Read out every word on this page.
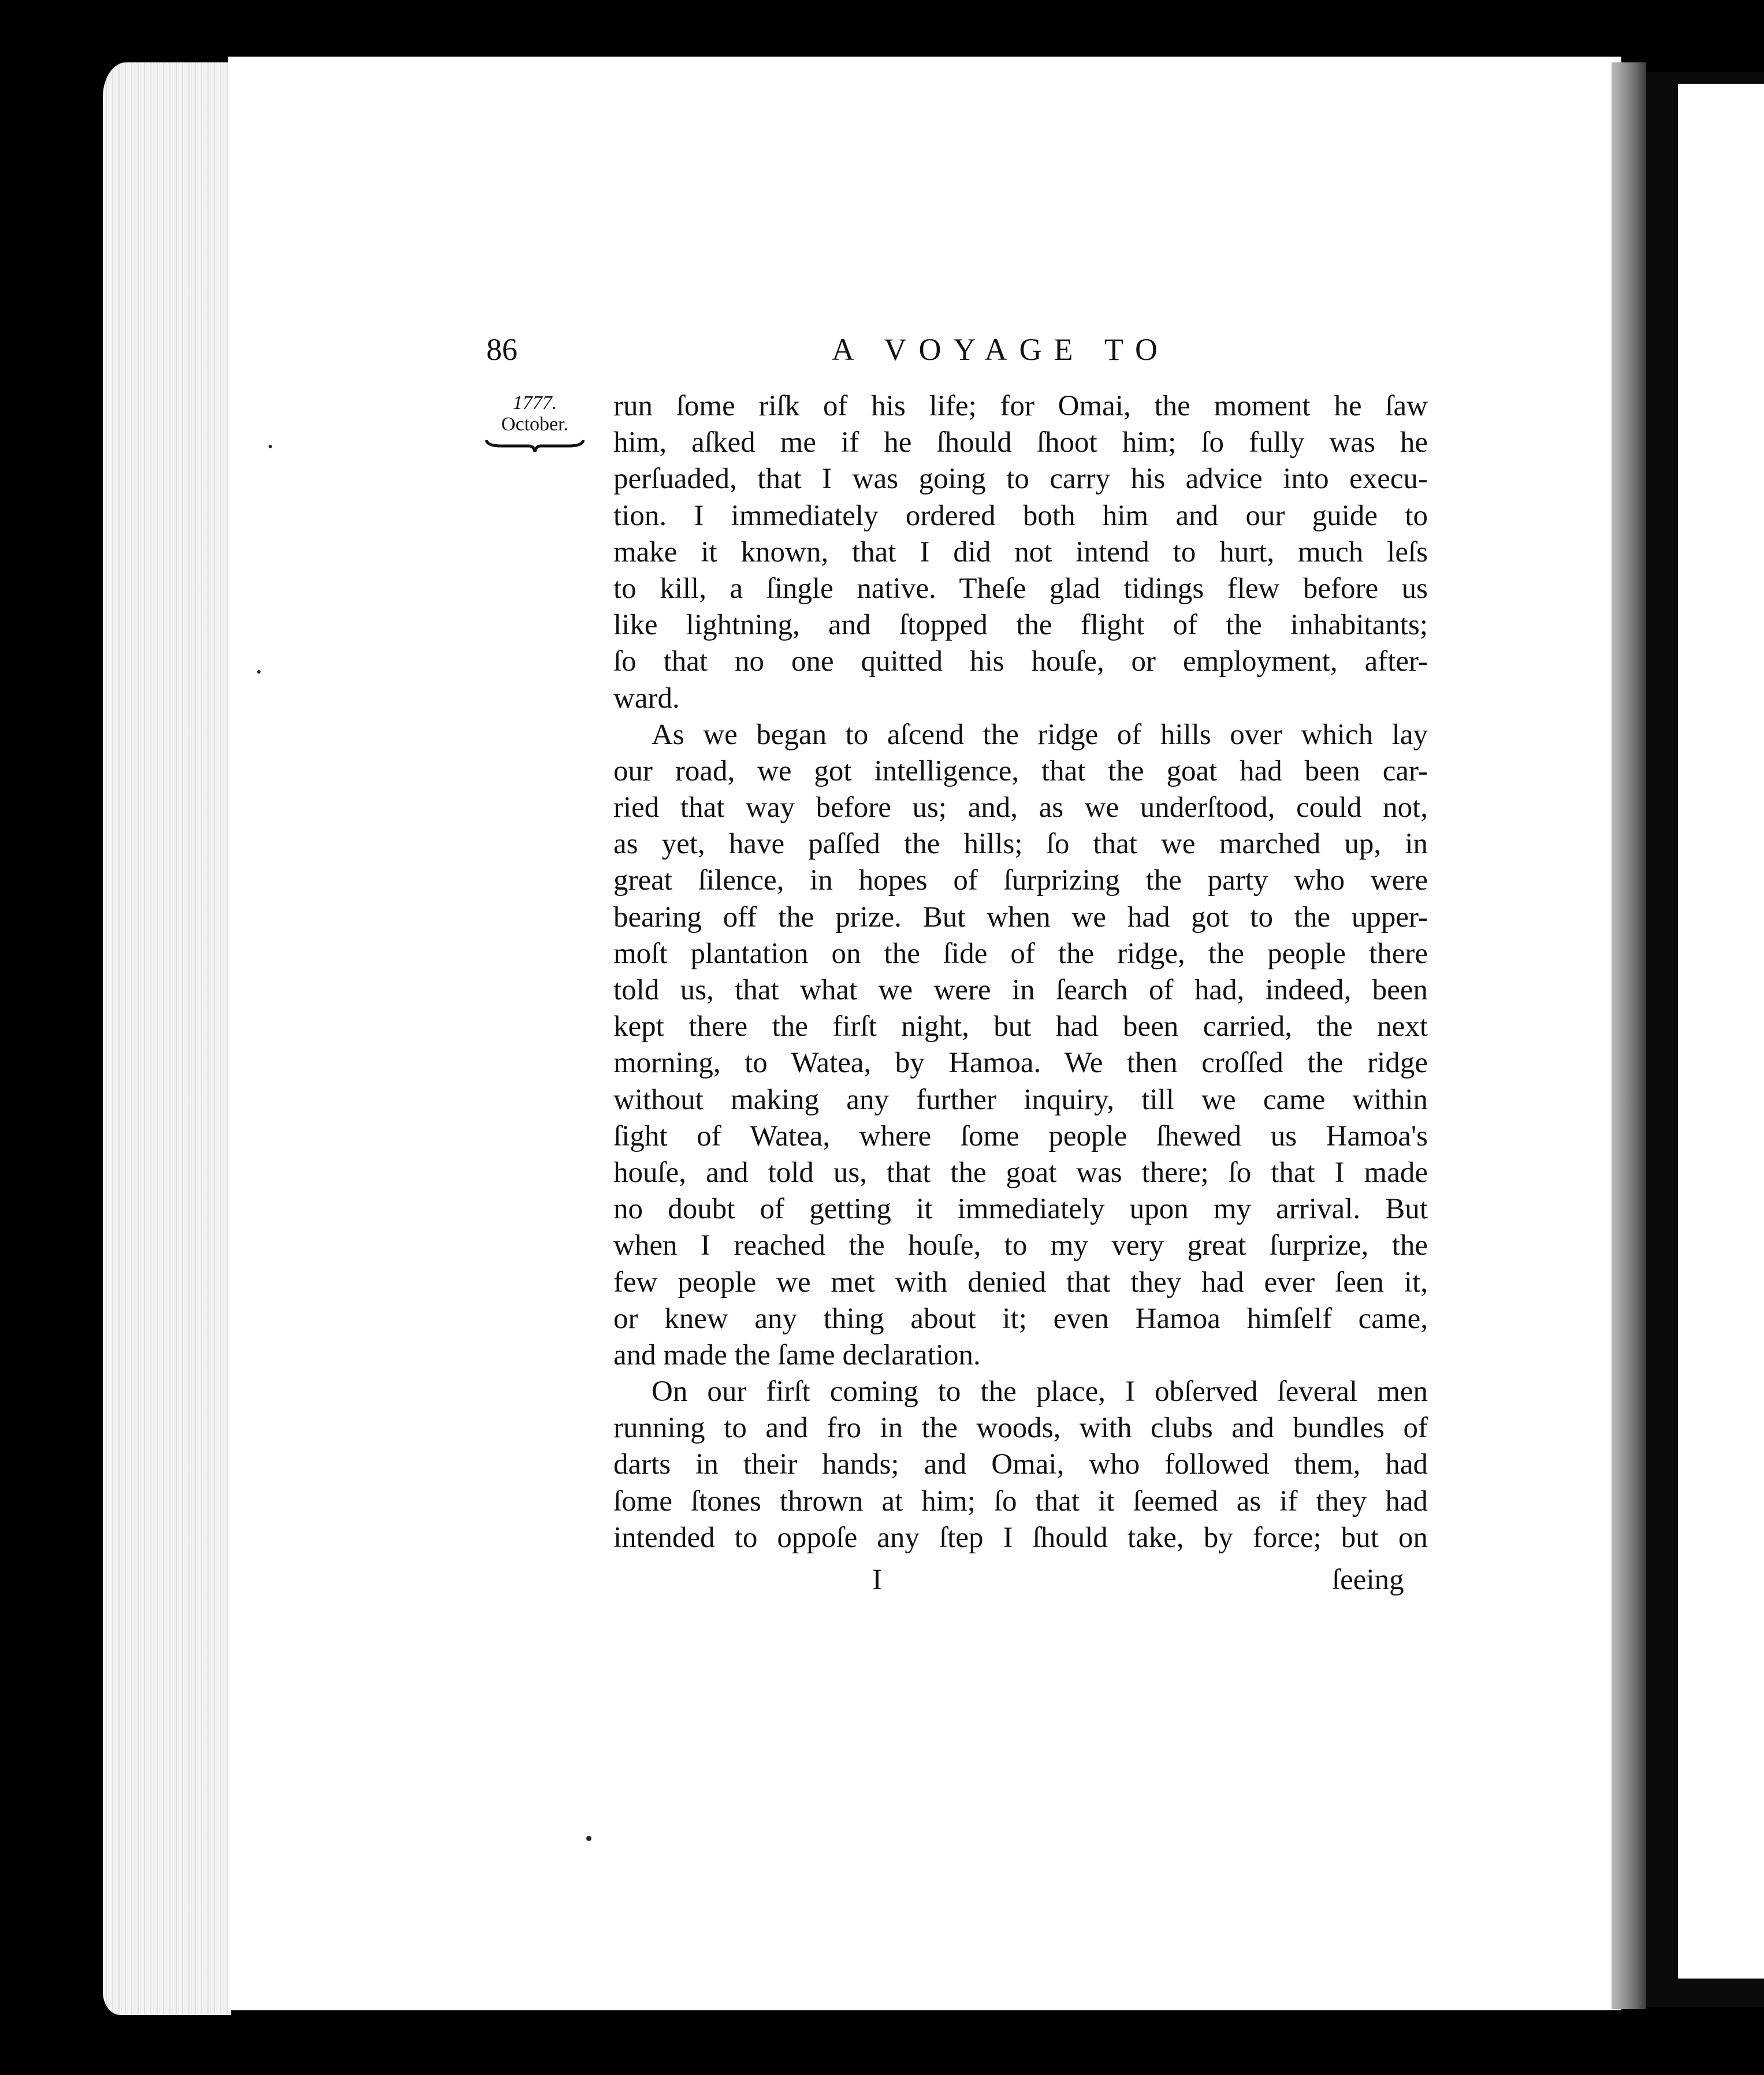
86	A VOYAGE TO
1777.
October.
run ſome riſk of his life; for Omai, the moment he ſaw
him, aſked me if he ſhould ſhoot him; ſo fully was he
perſuaded, that I was going to carry his advice into execu-
tion. I immediately ordered both him and our guide to
make it known, that I did not intend to hurt, much leſs
to kill, a ſingle native. Theſe glad tidings flew before us
like lightning, and ſtopped the flight of the inhabitants;
ſo that no one quitted his houſe, or employment, after-
ward.
As we began to aſcend the ridge of hills over which lay
our road, we got intelligence, that the goat had been car-
ried that way before us; and, as we underſtood, could not,
as yet, have paſſed the hills; ſo that we marched up, in
great ſilence, in hopes of ſurprizing the party who were
bearing off the prize. But when we had got to the upper-
moſt plantation on the ſide of the ridge, the people there
told us, that what we were in ſearch of had, indeed, been
kept there the firſt night, but had been carried, the next
morning, to Watea, by Hamoa. We then croſſed the ridge
without making any further inquiry, till we came within
ſight of Watea, where ſome people ſhewed us Hamoa's
houſe, and told us, that the goat was there; ſo that I made
no doubt of getting it immediately upon my arrival. But
when I reached the houſe, to my very great ſurprize, the
few people we met with denied that they had ever ſeen it,
or knew any thing about it; even Hamoa himſelf came,
and made the ſame declaration.
On our firſt coming to the place, I obſerved ſeveral men
running to and fro in the woods, with clubs and bundles of
darts in their hands; and Omai, who followed them, had
ſome ſtones thrown at him; ſo that it ſeemed as if they had
intended to oppoſe any ſtep I ſhould take, by force; but on
I	ſeeing
